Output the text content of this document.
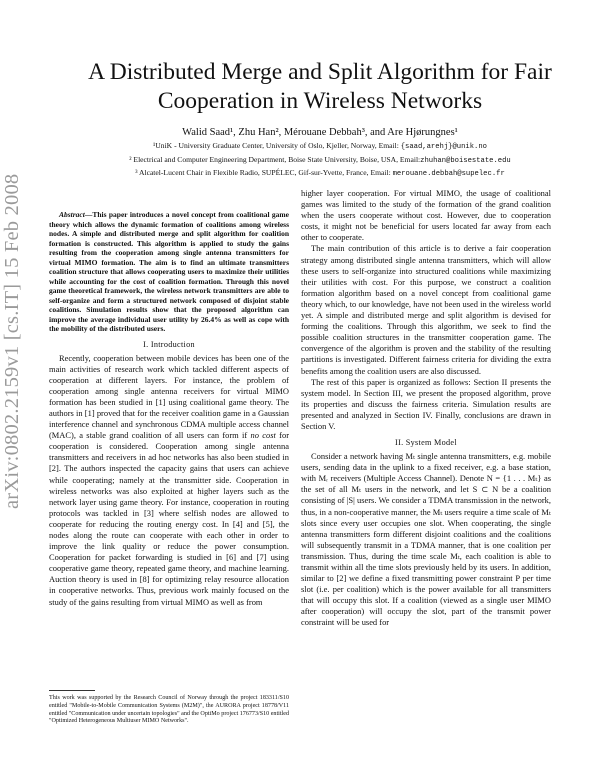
arXiv:0802.2159v1 [cs.IT] 15 Feb 2008
A Distributed Merge and Split Algorithm for Fair Cooperation in Wireless Networks
Walid Saad¹, Zhu Han², Mérouane Debbah³, and Are Hjørungnes¹
¹UniK - University Graduate Center, University of Oslo, Kjeller, Norway, Email: {saad,arehj}@unik.no
² Electrical and Computer Engineering Department, Boise State University, Boise, USA, Email:zhuhan@boisestate.edu
³ Alcatel-Lucent Chair in Flexible Radio, SUPÉLEC, Gif-sur-Yvette, France, Email: merouane.debbah@supelec.fr

Abstract—This paper introduces a novel concept from coalitional game theory which allows the dynamic formation of coalitions among wireless nodes. A simple and distributed merge and split algorithm for coalition formation is constructed. This algorithm is applied to study the gains resulting from the cooperation among single antenna transmitters for virtual MIMO formation. The aim is to find an ultimate transmitters coalition structure that allows cooperating users to maximize their utilities while accounting for the cost of coalition formation. Through this novel game theoretical framework, the wireless network transmitters are able to self-organize and form a structured network composed of disjoint stable coalitions. Simulation results show that the proposed algorithm can improve the average individual user utility by 26.4% as well as cope with the mobility of the distributed users.

I. Introduction

Recently, cooperation between mobile devices has been one of the main activities of research work which tackled different aspects of cooperation at different layers. For instance, the problem of cooperation among single antenna receivers for virtual MIMO formation has been studied in [1] using coalitional game theory. The authors in [1] proved that for the receiver coalition game in a Gaussian interference channel and synchronous CDMA multiple access channel (MAC), a stable grand coalition of all users can form if no cost for cooperation is considered. Cooperation among single antenna transmitters and receivers in ad hoc networks has also been studied in [2]. The authors inspected the capacity gains that users can achieve while cooperating; namely at the transmitter side. Cooperation in wireless networks was also exploited at higher layers such as the network layer using game theory. For instance, cooperation in routing protocols was tackled in [3] where selfish nodes are allowed to cooperate for reducing the routing energy cost. In [4] and [5], the nodes along the route can cooperate with each other in order to improve the link quality or reduce the power consumption. Cooperation for packet forwarding is studied in [6] and [7] using cooperative game theory, repeated game theory, and machine learning. Auction theory is used in [8] for optimizing relay resource allocation in cooperative networks. Thus, previous work mainly focused on the study of the gains resulting from virtual MIMO as well as from

This work was supported by the Research Council of Norway through the project 183311/S10 entitled "Mobile-to-Mobile Communication Systems (M2M)", the AURORA project 18778/V11 entitled "Communication under uncertain topologies" and the OptiMo project 176773/S10 entitled "Optimized Heterogeneous Multiuser MIMO Networks".

higher layer cooperation. For virtual MIMO, the usage of coalitional games was limited to the study of the formation of the grand coalition when the users cooperate without cost. However, due to cooperation costs, it might not be beneficial for users located far away from each other to cooperate.

The main contribution of this article is to derive a fair cooperation strategy among distributed single antenna transmitters, which will allow these users to self-organize into structured coalitions while maximizing their utilities with cost. For this purpose, we construct a coalition formation algorithm based on a novel concept from coalitional game theory which, to our knowledge, have not been used in the wireless world yet. A simple and distributed merge and split algorithm is devised for forming the coalitions. Through this algorithm, we seek to find the possible coalition structures in the transmitter cooperation game. The convergence of the algorithm is proven and the stability of the resulting partitions is investigated. Different fairness criteria for dividing the extra benefits among the coalition users are also discussed.

The rest of this paper is organized as follows: Section II presents the system model. In Section III, we present the proposed algorithm, prove its properties and discuss the fairness criteria. Simulation results are presented and analyzed in Section IV. Finally, conclusions are drawn in Section V.

II. System Model

Consider a network having Mₜ single antenna transmitters, e.g. mobile users, sending data in the uplink to a fixed receiver, e.g. a base station, with Mᵣ receivers (Multiple Access Channel). Denote N = {1 . . . Mₜ} as the set of all Mₜ users in the network, and let S ⊂ N be a coalition consisting of |S| users. We consider a TDMA transmission in the network, thus, in a non-cooperative manner, the Mₜ users require a time scale of Mₜ slots since every user occupies one slot. When cooperating, the single antenna transmitters form different disjoint coalitions and the coalitions will subsequently transmit in a TDMA manner, that is one coalition per transmission. Thus, during the time scale Mₜ, each coalition is able to transmit within all the time slots previously held by its users. In addition, similar to [2] we define a fixed transmitting power constraint P per time slot (i.e. per coalition) which is the power available for all transmitters that will occupy this slot. If a coalition (viewed as a single user MIMO after cooperation) will occupy the slot, part of the transmit power constraint will be used for
